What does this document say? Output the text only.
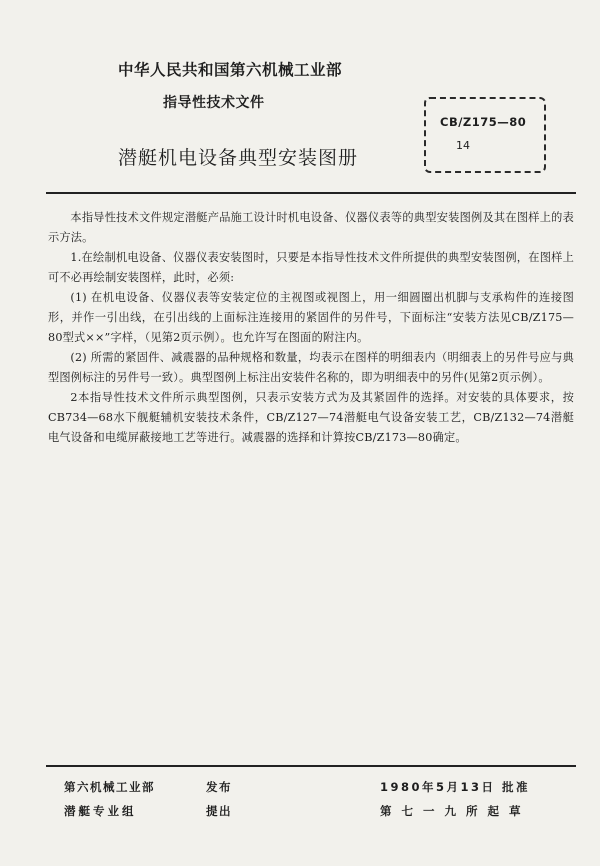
中华人民共和国第六机械工业部
指导性技术文件
潜艇机电设备典型安装图册
CB/Z175—80
14

本指导性技术文件规定潜艇产品施工设计时机电设备、仪器仪表等的典型安装图例及其在图样上的表示方法。

1.在绘制机电设备、仪器仪表安装图时，只要是本指导性技术文件所提供的典型安装图例，在图样上可不必再绘制安装图样，此时，必须:

(1) 在机电设备、仪器仪表等安装定位的主视图或视图上，用一细圆圈出机脚与支承构件的连接图形，并作一引出线，在引出线的上面标注连接用的紧固件的另件号，下面标注“安装方法见CB/Z175—80型式××”字样，（见第2页示例）。也允许写在图面的附注内。

(2) 所需的紧固件、减震器的品种规格和数量，均表示在图样的明细表内（明细表上的另件号应与典型图例标注的另件号一致）。典型图例上标注出安装件名称的，即为明细表中的另件(见第2页示例）。

2本指导性技术文件所示典型图例，只表示安装方式为及其紧固件的选择。对安装的具体要求，按CB734—68水下舰艇辅机安装技术条件，CB/Z127—74潜艇电气设备安装工艺，CB/Z132—74潜艇电气设备和电缆屏蔽接地工艺等进行。减震器的选择和计算按CB/Z173—80确定。

第六机械工业部	发布	1980年5月13日 批准
潜艇专业组	提出	第七一九所起草
